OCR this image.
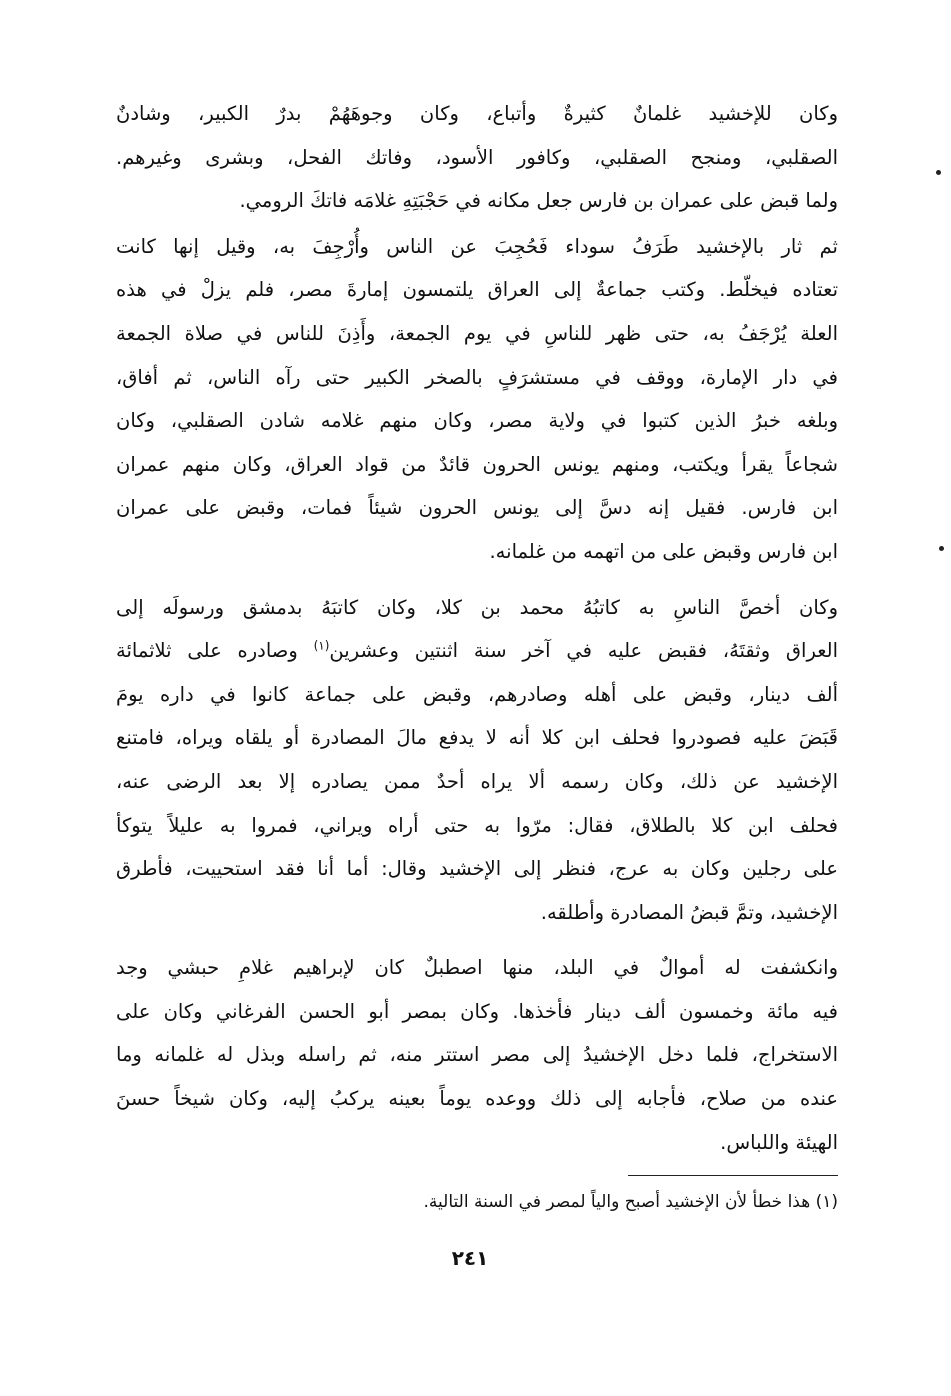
وكان للإخشيد غلمانٌ كثيرةٌ وأتباع، وكان وجوهَهُمْ بدرٌ الكبير، وشادنٌ
الصقلبي، ومنجح الصقلبي، وكافور الأسود، وفاتك الفحل، وبشرى وغيرهم.
ولما قبض على عمران بن فارس جعل مكانه في حَجْبَتِهِ غلامَه فاتكَ الرومي.
ثم ثار بالإخشيد طَرَفُ سوداء فَحُجِبَ عن الناس وأُرْجِفَ به، وقيل إنها كانت
تعتاده فيخلّط. وكتب جماعةٌ إلى العراق يلتمسون إمارةَ مصر، فلم يزلْ في هذه
العلة يُرْجَفُ به، حتى ظهر للناسِ في يوم الجمعة، وأَذِنَ للناس في صلاة الجمعة
في دار الإمارة، ووقف في مستشرَفٍ بالصخر الكبير حتى رآه الناس، ثم أفاق،
وبلغه خبرُ الذين كتبوا في ولاية مصر، وكان منهم غلامه شادن الصقلبي، وكان
شجاعاً يقرأ ويكتب، ومنهم يونس الحرون قائدٌ من قواد العراق، وكان منهم عمران
ابن فارس. فقيل إنه دسَّ إلى يونس الحرون شيئاً فمات، وقبض على عمران
ابن فارس وقبض على من اتهمه من غلمانه.
وكان أخصَّ الناسِ به كاتبُهُ محمد بن كلا، وكان كاتبَهُ بدمشق ورسولَه إلى
العراق وثقتَهُ، فقبض عليه في آخر سنة اثنتين وعشرين$^{(١)}$ وصادره على ثلاثمائة
ألف دينار، وقبض على أهله وصادرهم، وقبض على جماعة كانوا في داره يومَ
قَبَضَ عليه فصودروا فحلف ابن كلا أنه لا يدفع مالَ المصادرة أو يلقاه ويراه، فامتنع
الإخشيد عن ذلك، وكان رسمه ألا يراه أحدٌ ممن يصادره إلا بعد الرضى عنه،
فحلف ابن كلا بالطلاق، فقال: مرّوا به حتى أراه ويراني، فمروا به عليلاً يتوكأ
على رجلين وكان به عرج، فنظر إلى الإخشيد وقال: أما أنا فقد استحييت، فأطرق
الإخشيد، وتمَّ قبضُ المصادرة وأطلقه.
وانكشفت له أموالٌ في البلد، منها اصطبلٌ كان لإبراهيم غلامِ حبشي وجد
فيه مائة وخمسون ألف دينار فأخذها. وكان بمصر أبو الحسن الفرغاني وكان على
الاستخراج، فلما دخل الإخشيدُ إلى مصر استتر منه، ثم راسله وبذل له غلمانه وما
عنده من صلاح، فأجابه إلى ذلك ووعده يوماً بعينه يركبُ إليه، وكان شيخاً حسنَ
الهيئة واللباس.
(١) هذا خطأ لأن الإخشيد أصبح والياً لمصر في السنة التالية.
٢٤١
